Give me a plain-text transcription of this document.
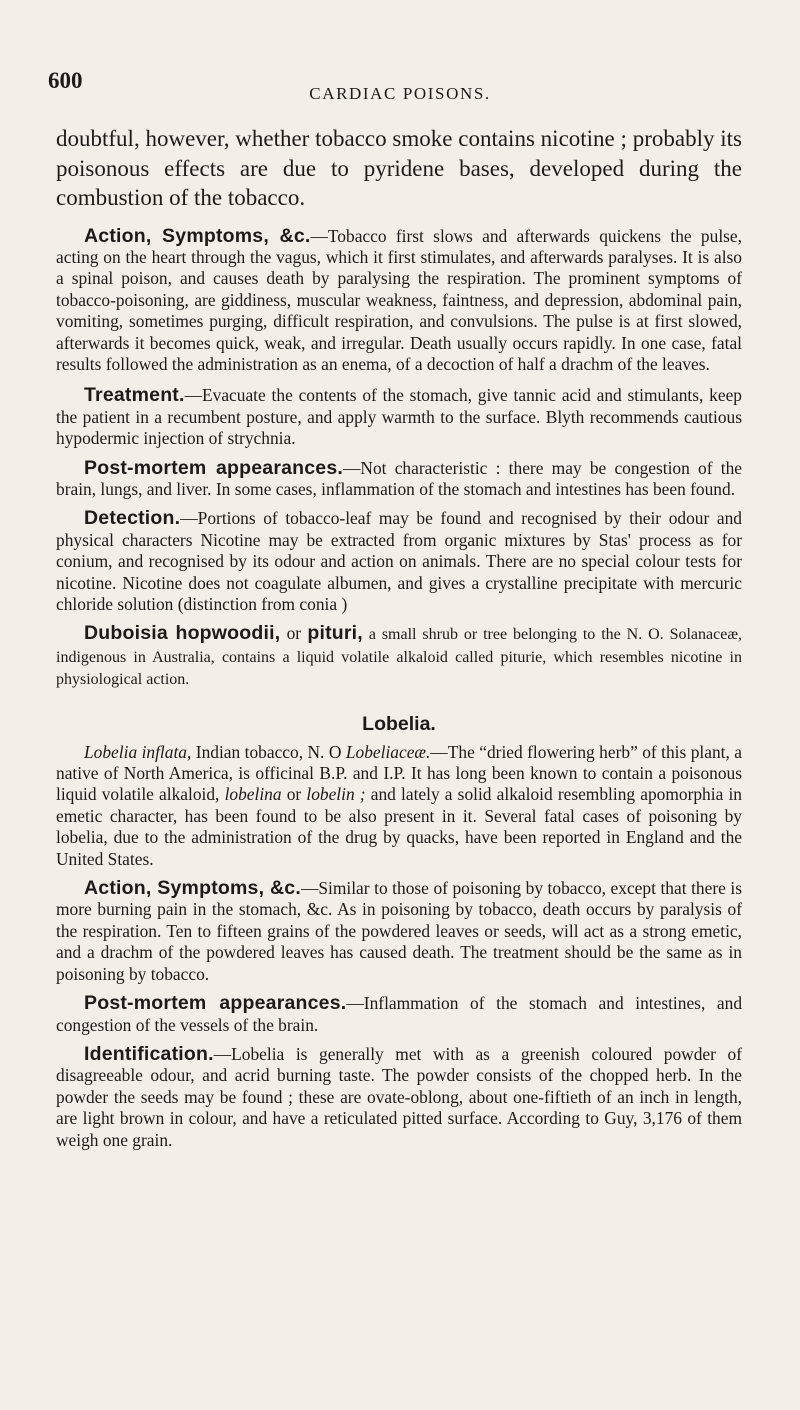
600
CARDIAC POISONS.

doubtful, however, whether tobacco smoke contains nicotine ; probably its poisonous effects are due to pyridene bases, developed during the combustion of the tobacco.

Action, Symptoms, &c.—Tobacco first slows and afterwards quickens the pulse, acting on the heart through the vagus, which it first stimulates, and afterwards paralyses. It is also a spinal poison, and causes death by paralysing the respiration. The prominent symptoms of tobacco-poisoning, are giddiness, muscular weakness, faintness, and depression, abdominal pain, vomiting, sometimes purging, difficult respiration, and convulsions. The pulse is at first slowed, afterwards it becomes quick, weak, and irregular. Death usually occurs rapidly. In one case, fatal results followed the administration as an enema, of a decoction of half a drachm of the leaves.

Treatment.—Evacuate the contents of the stomach, give tannic acid and stimulants, keep the patient in a recumbent posture, and apply warmth to the surface. Blyth recommends cautious hypodermic injection of strychnia.

Post-mortem appearances.—Not characteristic : there may be congestion of the brain, lungs, and liver. In some cases, inflammation of the stomach and intestines has been found.

Detection.—Portions of tobacco-leaf may be found and recognised by their odour and physical characters Nicotine may be extracted from organic mixtures by Stas' process as for conium, and recognised by its odour and action on animals. There are no special colour tests for nicotine. Nicotine does not coagulate albumen, and gives a crystalline precipitate with mercuric chloride solution (distinction from conia )

Duboisia hopwoodii, or pituri, a small shrub or tree belonging to the N. O. Solanaceæ, indigenous in Australia, contains a liquid volatile alkaloid called piturie, which resembles nicotine in physiological action.

Lobelia.

Lobelia inflata, Indian tobacco, N. O Lobeliaceæ.—The “dried flowering herb” of this plant, a native of North America, is officinal B.P. and I.P. It has long been known to contain a poisonous liquid volatile alkaloid, lobelina or lobelin ; and lately a solid alkaloid resembling apomorphia in emetic character, has been found to be also present in it. Several fatal cases of poisoning by lobelia, due to the administration of the drug by quacks, have been reported in England and the United States.

Action, Symptoms, &c.—Similar to those of poisoning by tobacco, except that there is more burning pain in the stomach, &c. As in poisoning by tobacco, death occurs by paralysis of the respiration. Ten to fifteen grains of the powdered leaves or seeds, will act as a strong emetic, and a drachm of the powdered leaves has caused death. The treatment should be the same as in poisoning by tobacco.

Post-mortem appearances.—Inflammation of the stomach and intestines, and congestion of the vessels of the brain.

Identification.—Lobelia is generally met with as a greenish coloured powder of disagreeable odour, and acrid burning taste. The powder consists of the chopped herb. In the powder the seeds may be found ; these are ovate-oblong, about one-fiftieth of an inch in length, are light brown in colour, and have a reticulated pitted surface. According to Guy, 3,176 of them weigh one grain.
